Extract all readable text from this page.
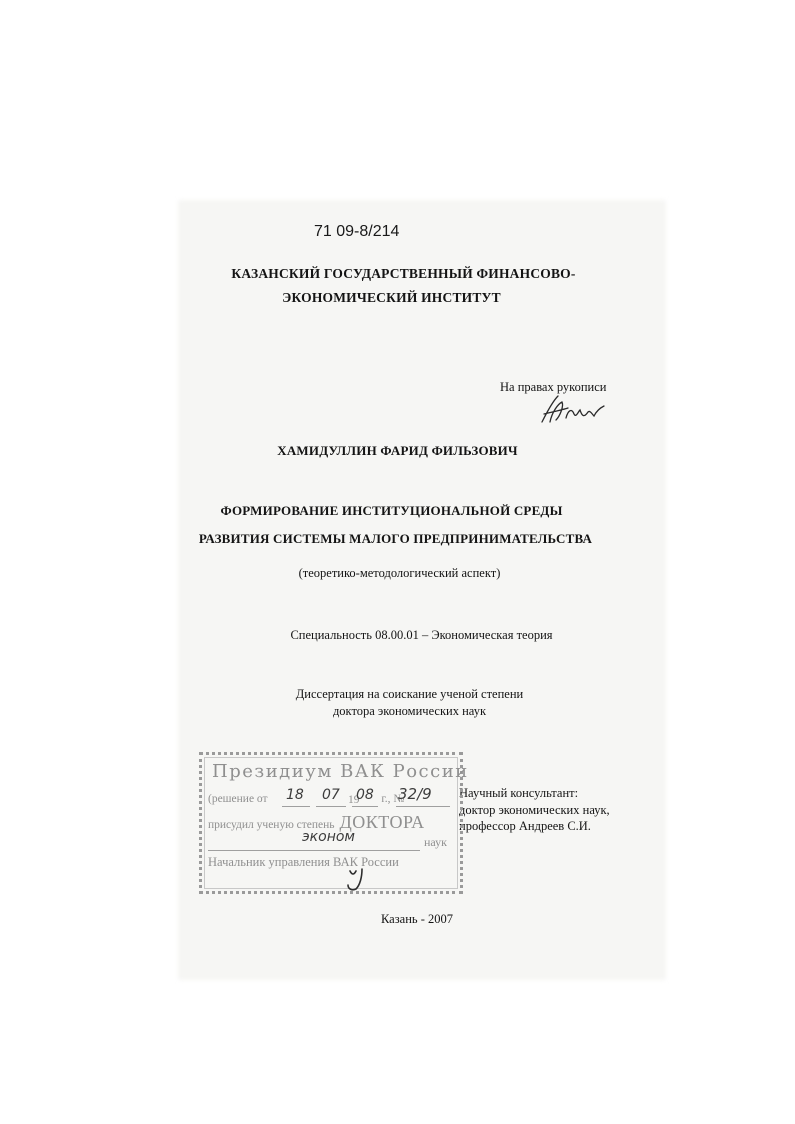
71 09-8/214
КАЗАНСКИЙ ГОСУДАРСТВЕННЫЙ ФИНАНСОВО-
ЭКОНОМИЧЕСКИЙ ИНСТИТУТ
На правах рукописи
ХАМИДУЛЛИН ФАРИД ФИЛЬЗОВИЧ
ФОРМИРОВАНИЕ ИНСТИТУЦИОНАЛЬНОЙ СРЕДЫ
РАЗВИТИЯ СИСТЕМЫ МАЛОГО ПРЕДПРИНИМАТЕЛЬСТВА
(теоретико-методологический аспект)
Специальность 08.00.01 – Экономическая теория
Диссертация на соискание ученой степени
доктора экономических наук
Научный консультант:
доктор экономических наук,
профессор Андреев С.И.
Казань - 2007
Президиум ВАК России
(решение от	г., №
18 07 19
08 32/9
присудил ученую степень ДОКТОРА
эконом	наук
Начальник управления ВАК России
